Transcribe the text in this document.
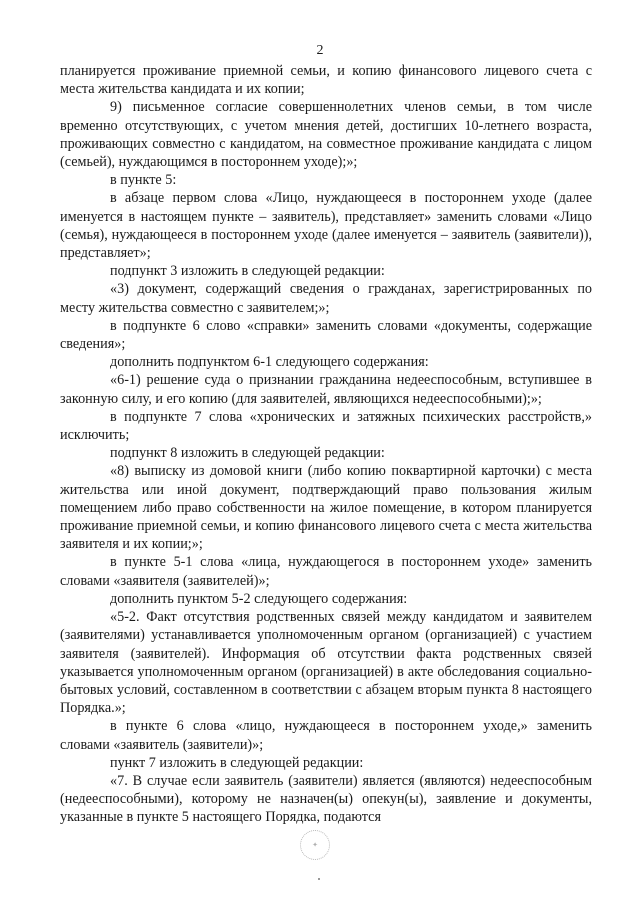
2

планируется проживание приемной семьи, и копию финансового лицевого счета с места жительства кандидата и их копии;

9) письменное согласие совершеннолетних членов семьи, в том числе временно отсутствующих, с учетом мнения детей, достигших 10-летнего возраста, проживающих совместно с кандидатом, на совместное проживание кандидата с лицом (семьей), нуждающимся в постороннем уходе);»;

в пункте 5:

в абзаце первом слова «Лицо, нуждающееся в постороннем уходе (далее именуется в настоящем пункте – заявитель), представляет» заменить словами «Лицо (семья), нуждающееся в постороннем уходе (далее именуется – заявитель (заявители)), представляет»;

подпункт 3 изложить в следующей редакции:

«3) документ, содержащий сведения о гражданах, зарегистрированных по месту жительства совместно с заявителем;»;

в подпункте 6 слово «справки» заменить словами «документы, содержащие сведения»;

дополнить подпунктом 6-1 следующего содержания:

«6-1) решение суда о признании гражданина недееспособным, вступившее в законную силу, и его копию (для заявителей, являющихся недееспособными);»;

в подпункте 7 слова «хронических и затяжных психических расстройств,» исключить;

подпункт 8 изложить в следующей редакции:

«8) выписку из домовой книги (либо копию поквартирной карточки) с места жительства или иной документ, подтверждающий право пользования жилым помещением либо право собственности на жилое помещение, в котором планируется проживание приемной семьи, и копию финансового лицевого счета с места жительства заявителя и их копии;»;

в пункте 5-1 слова «лица, нуждающегося в постороннем уходе» заменить словами «заявителя (заявителей)»;

дополнить пунктом 5-2 следующего содержания:

«5-2. Факт отсутствия родственных связей между кандидатом и заявителем (заявителями) устанавливается уполномоченным органом (организацией) с участием заявителя (заявителей). Информация об отсутствии факта родственных связей указывается уполномоченным органом (организацией) в акте обследования социально-бытовых условий, составленном в соответствии с абзацем вторым пункта 8 настоящего Порядка.»;

в пункте 6 слова «лицо, нуждающееся в постороннем уходе,» заменить словами «заявитель (заявители)»;

пункт 7 изложить в следующей редакции:

«7. В случае если заявитель (заявители) является (являются) недееспособным (недееспособными), которому не назначен(ы) опекун(ы), заявление и документы, указанные в пункте 5 настоящего Порядка, подаются

✦
